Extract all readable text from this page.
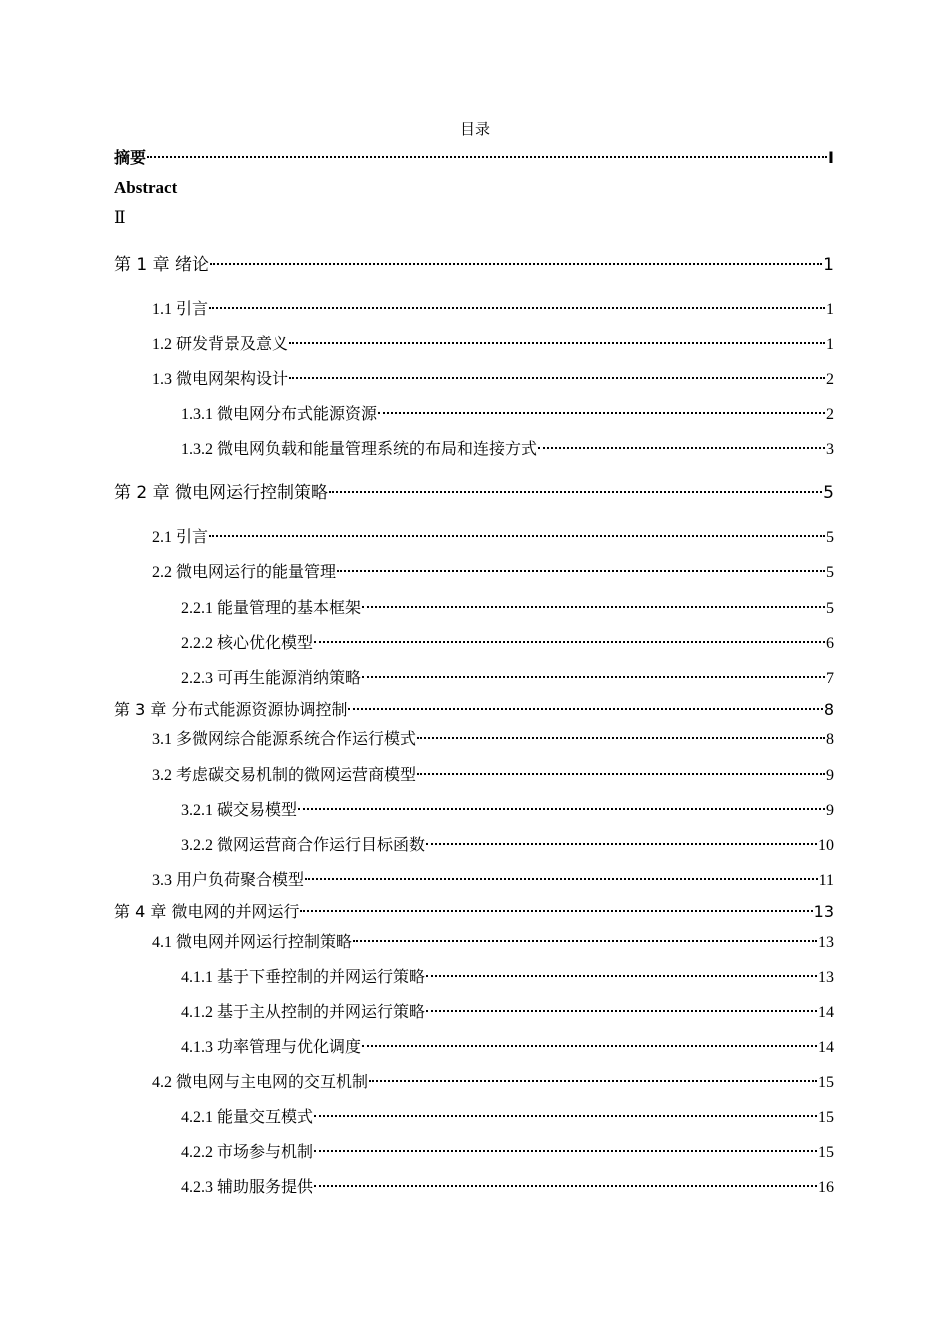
目录
摘要	Ⅰ
Abstract
Ⅱ
第 1 章 绪论	1
1.1 引言	1
1.2 研发背景及意义	1
1.3 微电网架构设计	2
1.3.1 微电网分布式能源资源	2
1.3.2 微电网负载和能量管理系统的布局和连接方式	3
第 2 章 微电网运行控制策略	5
2.1 引言	5
2.2 微电网运行的能量管理	5
2.2.1 能量管理的基本框架	5
2.2.2 核心优化模型	6
2.2.3 可再生能源消纳策略	7
第 3 章 分布式能源资源协调控制	8
3.1 多微网综合能源系统合作运行模式	8
3.2 考虑碳交易机制的微网运营商模型	9
3.2.1 碳交易模型	9
3.2.2 微网运营商合作运行目标函数	10
3.3 用户负荷聚合模型	11
第 4 章 微电网的并网运行	13
4.1 微电网并网运行控制策略	13
4.1.1 基于下垂控制的并网运行策略	13
4.1.2 基于主从控制的并网运行策略	14
4.1.3 功率管理与优化调度	14
4.2 微电网与主电网的交互机制	15
4.2.1 能量交互模式	15
4.2.2 市场参与机制	15
4.2.3 辅助服务提供	16
